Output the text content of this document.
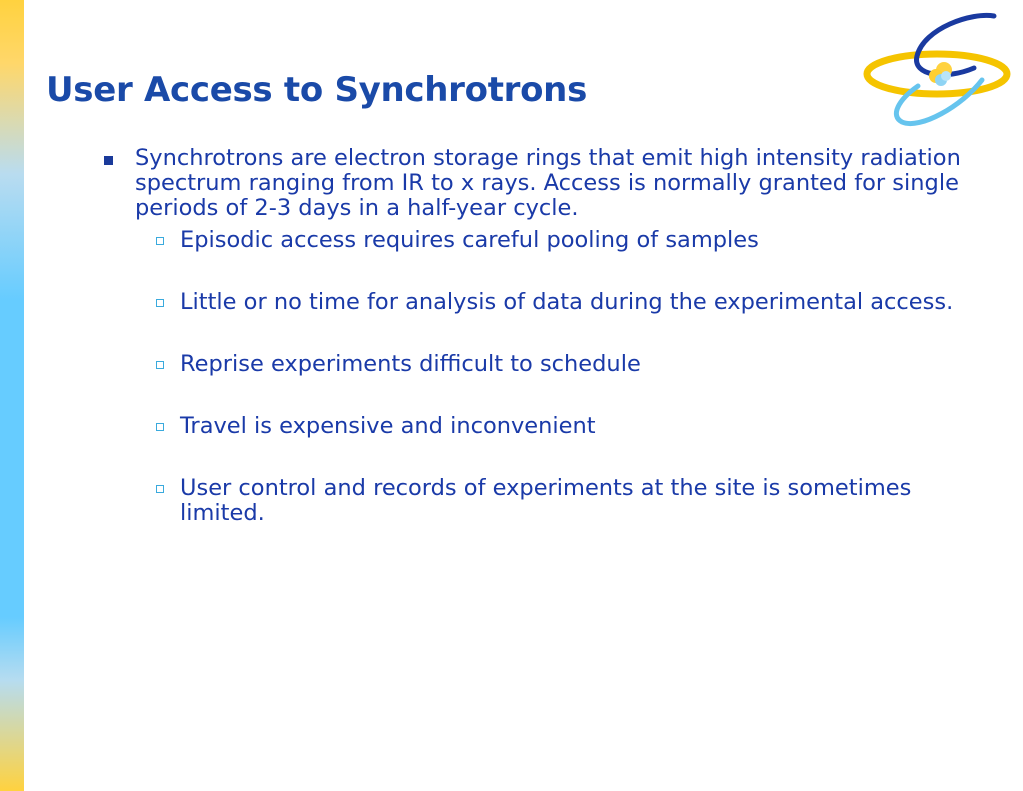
User Access to Synchrotrons
Synchrotrons are electron storage rings that emit high intensity radiation spectrum ranging from IR to x rays. Access is normally granted for single periods of 2-3 days in a half-year cycle.
Episodic access requires careful pooling of samples
Little or no time for analysis of data during the experimental access.
Reprise experiments difficult to schedule
Travel is expensive and inconvenient
User control and records of experiments at the site is sometimes limited.
